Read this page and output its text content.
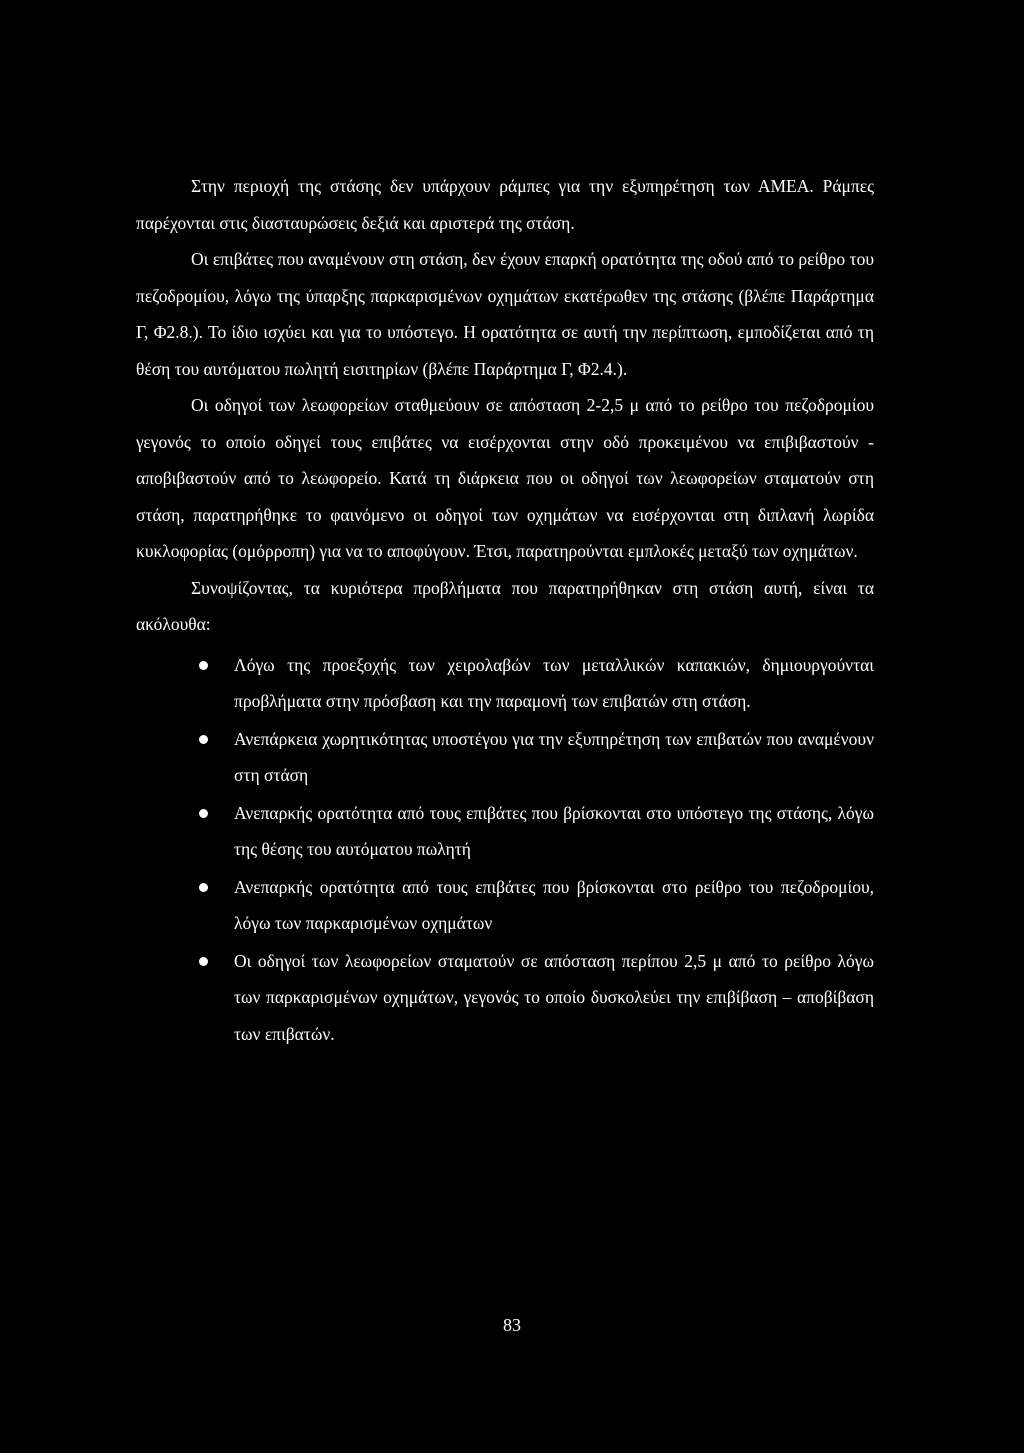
Στην περιοχή της στάσης δεν υπάρχουν ράμπες για την εξυπηρέτηση των ΑΜΕΑ. Ράμπες παρέχονται στις διασταυρώσεις δεξιά και αριστερά της στάση.

Οι επιβάτες που αναμένουν στη στάση, δεν έχουν επαρκή ορατότητα της οδού από το ρείθρο του πεζοδρομίου, λόγω της ύπαρξης παρκαρισμένων οχημάτων εκατέρωθεν της στάσης (βλέπε Παράρτημα Γ, Φ2.8.). Το ίδιο ισχύει και για το υπόστεγο. Η ορατότητα σε αυτή την περίπτωση, εμποδίζεται από τη θέση του αυτόματου πωλητή εισιτηρίων (βλέπε Παράρτημα Γ, Φ2.4.).

Οι οδηγοί των λεωφορείων σταθμεύουν σε απόσταση 2-2,5 μ από το ρείθρο του πεζοδρομίου γεγονός το οποίο οδηγεί τους επιβάτες να εισέρχονται στην οδό προκειμένου να επιβιβαστούν - αποβιβαστούν από το λεωφορείο. Κατά τη διάρκεια που οι οδηγοί των λεωφορείων σταματούν στη στάση, παρατηρήθηκε το φαινόμενο οι οδηγοί των οχημάτων να εισέρχονται στη διπλανή λωρίδα κυκλοφορίας (ομόρροπη) για να το αποφύγουν. Έτσι, παρατηρούνται εμπλοκές μεταξύ των οχημάτων.

Συνοψίζοντας, τα κυριότερα προβλήματα που παρατηρήθηκαν στη στάση αυτή, είναι τα ακόλουθα:

Λόγω της προεξοχής των χειρολαβών των μεταλλικών καπακιών, δημιουργούνται προβλήματα στην πρόσβαση και την παραμονή των επιβατών στη στάση.
Ανεπάρκεια χωρητικότητας υποστέγου για την εξυπηρέτηση των επιβατών που αναμένουν στη στάση
Ανεπαρκής ορατότητα από τους επιβάτες που βρίσκονται στο υπόστεγο της στάσης, λόγω της θέσης του αυτόματου πωλητή
Ανεπαρκής ορατότητα από τους επιβάτες που βρίσκονται στο ρείθρο του πεζοδρομίου, λόγω των παρκαρισμένων οχημάτων
Οι οδηγοί των λεωφορείων σταματούν σε απόσταση περίπου 2,5 μ από το ρείθρο λόγω των παρκαρισμένων οχημάτων, γεγονός το οποίο δυσκολεύει την επιβίβαση – αποβίβαση των επιβατών.
83
